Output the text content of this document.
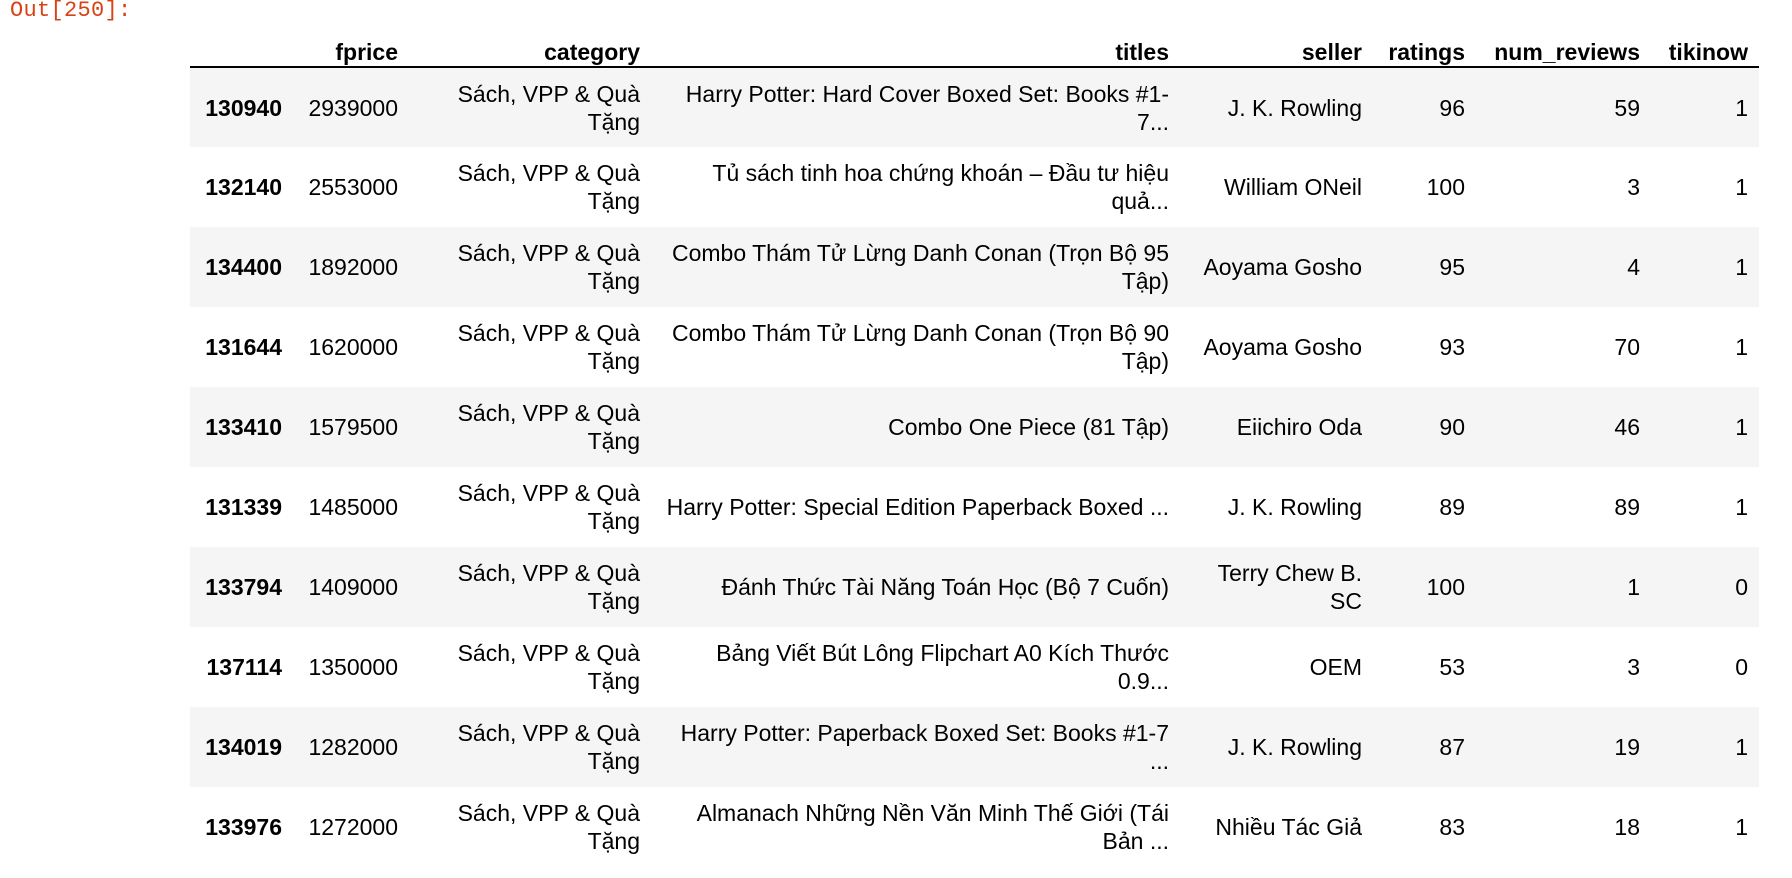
Out[250]:
	fprice	category	titles	seller	ratings	num_reviews	tikinow
130940	2939000	Sách, VPP & Quà Tặng	Harry Potter: Hard Cover Boxed Set: Books #1-7...	J. K. Rowling	96	59	1
132140	2553000	Sách, VPP & Quà Tặng	Tủ sách tinh hoa chứng khoán – Đầu tư hiệu quả...	William ONeil	100	3	1
134400	1892000	Sách, VPP & Quà Tặng	Combo Thám Tử Lừng Danh Conan (Trọn Bộ 95 Tập)	Aoyama Gosho	95	4	1
131644	1620000	Sách, VPP & Quà Tặng	Combo Thám Tử Lừng Danh Conan (Trọn Bộ 90 Tập)	Aoyama Gosho	93	70	1
133410	1579500	Sách, VPP & Quà Tặng	Combo One Piece (81 Tập)	Eiichiro Oda	90	46	1
131339	1485000	Sách, VPP & Quà Tặng	Harry Potter: Special Edition Paperback Boxed ...	J. K. Rowling	89	89	1
133794	1409000	Sách, VPP & Quà Tặng	Đánh Thức Tài Năng Toán Học (Bộ 7 Cuốn)	Terry Chew B. SC	100	1	0
137114	1350000	Sách, VPP & Quà Tặng	Bảng Viết Bút Lông Flipchart A0 Kích Thước 0.9...	OEM	53	3	0
134019	1282000	Sách, VPP & Quà Tặng	Harry Potter: Paperback Boxed Set: Books #1-7 ...	J. K. Rowling	87	19	1
133976	1272000	Sách, VPP & Quà Tặng	Almanach Những Nền Văn Minh Thế Giới (Tái Bản ...	Nhiều Tác Giả	83	18	1
